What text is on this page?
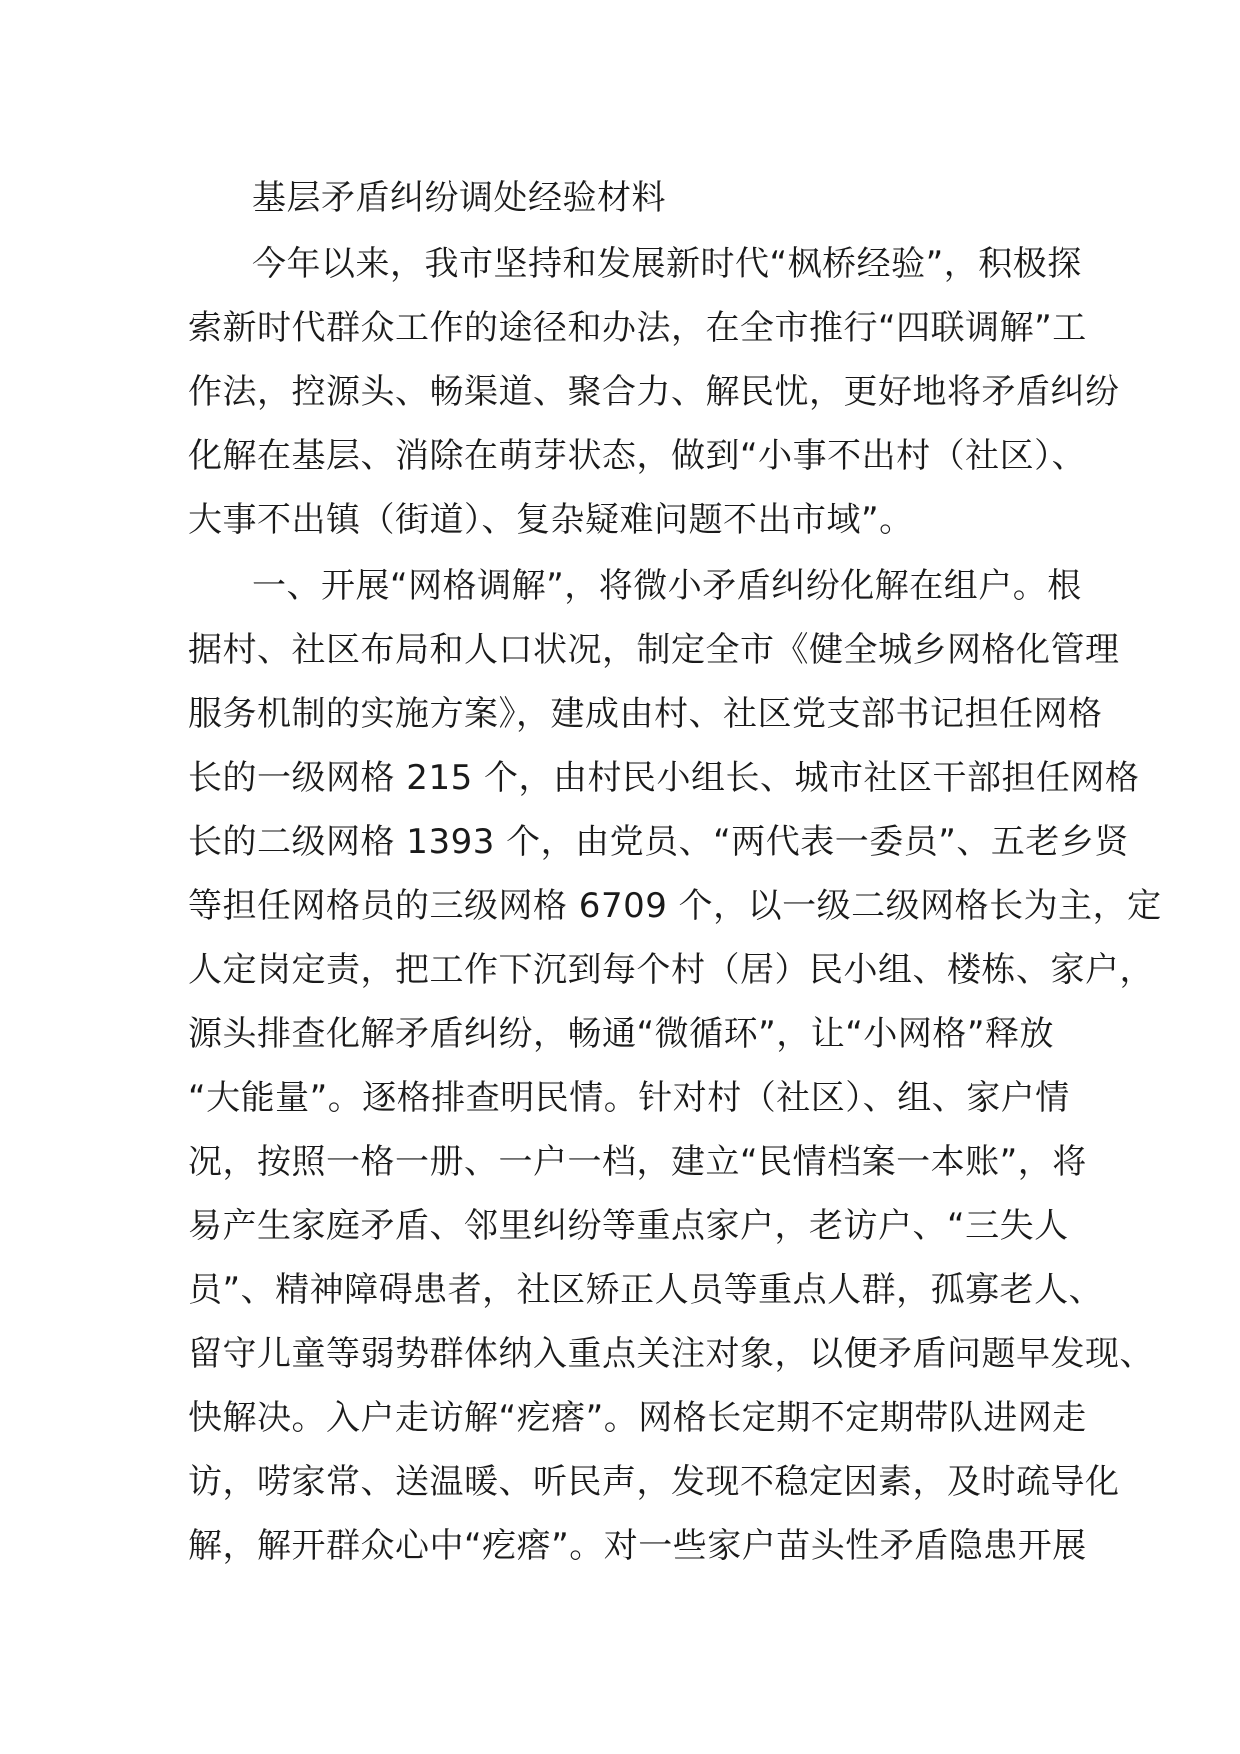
基层矛盾纠纷调处经验材料
今年以来，我市坚持和发展新时代“枫桥经验”，积极探
索新时代群众工作的途径和办法，在全市推行“四联调解”工
作法，控源头、畅渠道、聚合力、解民忧，更好地将矛盾纠纷
化解在基层、消除在萌芽状态，做到“小事不出村（社区）、
大事不出镇（街道）、复杂疑难问题不出市域”。
一、开展“网格调解”，将微小矛盾纠纷化解在组户。根
据村、社区布局和人口状况，制定全市《健全城乡网格化管理
服务机制的实施方案》，建成由村、社区党支部书记担任网格
长的一级网格 215 个，由村民小组长、城市社区干部担任网格
长的二级网格 1393 个，由党员、“两代表一委员”、五老乡贤
等担任网格员的三级网格 6709 个，以一级二级网格长为主，定
人定岗定责，把工作下沉到每个村（居）民小组、楼栋、家户，
源头排查化解矛盾纠纷，畅通“微循环”，让“小网格”释放
“大能量”。逐格排查明民情。针对村（社区）、组、家户情
况，按照一格一册、一户一档，建立“民情档案一本账”，将
易产生家庭矛盾、邻里纠纷等重点家户，老访户、“三失人
员”、精神障碍患者，社区矫正人员等重点人群，孤寡老人、
留守儿童等弱势群体纳入重点关注对象，以便矛盾问题早发现、
快解决。入户走访解“疙瘩”。网格长定期不定期带队进网走
访，唠家常、送温暖、听民声，发现不稳定因素，及时疏导化
解，解开群众心中“疙瘩”。对一些家户苗头性矛盾隐患开展
